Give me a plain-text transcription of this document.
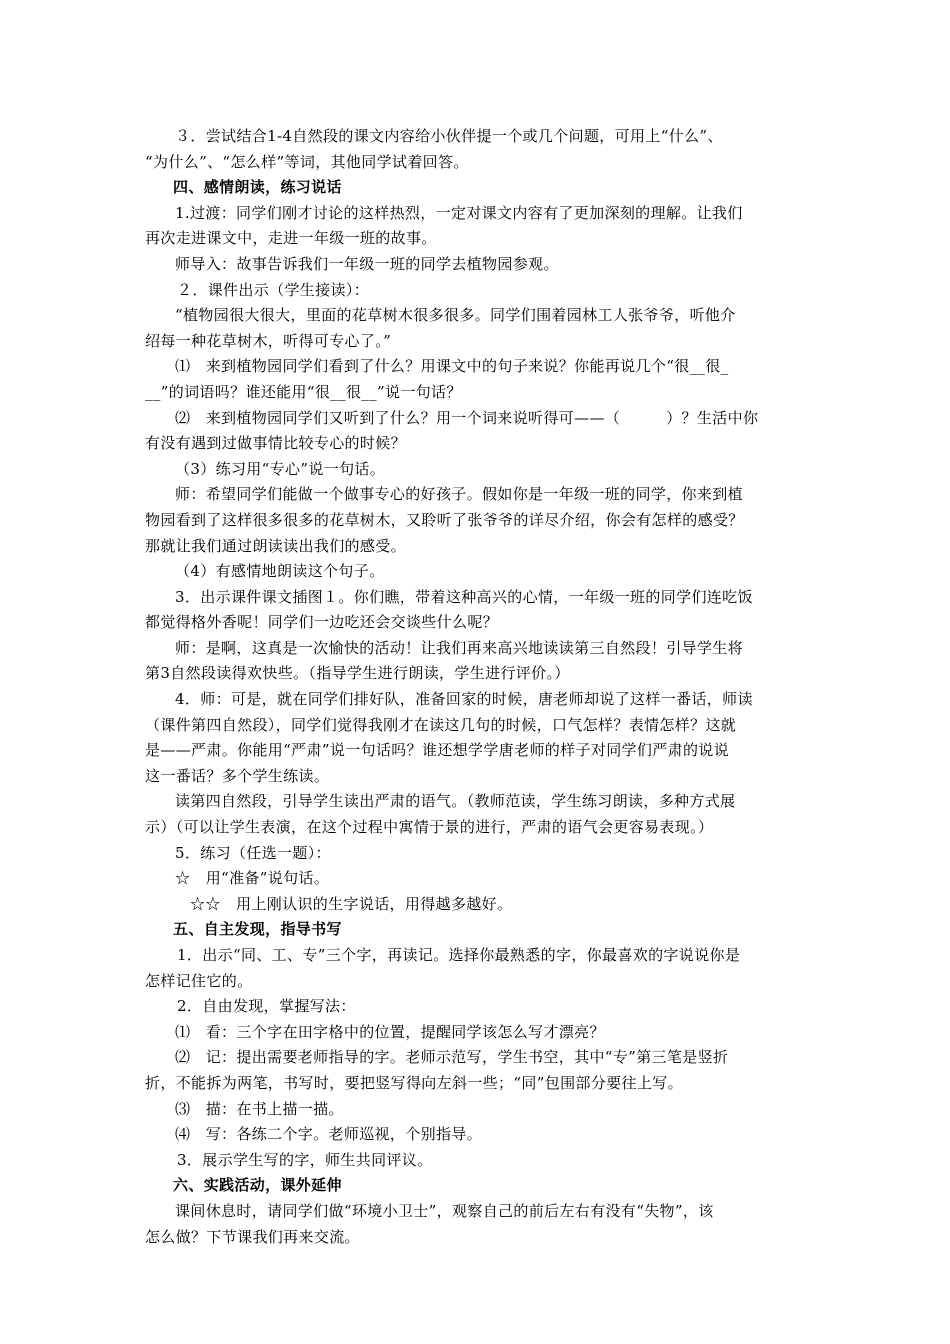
３．尝试结合1-4自然段的课文内容给小伙伴提一个或几个问题，可用上“什么”、
“为什么”、“怎么样”等词，其他同学试着回答。
四、感情朗读，练习说话
1.过渡：同学们刚才讨论的这样热烈，一定对课文内容有了更加深刻的理解。让我们
再次走进课文中，走进一年级一班的故事。
师导入：故事告诉我们一年级一班的同学去植物园参观。
２．课件出示（学生接读）：
“植物园很大很大，里面的花草树木很多很多。同学们围着园林工人张爷爷，听他介
绍每一种花草树木，听得可专心了。”
⑴　来到植物园同学们看到了什么？用课文中的句子来说？你能再说几个“很__很_
__”的词语吗？谁还能用“很__很__”说一句话？
⑵　来到植物园同学们又听到了什么？用一个词来说听得可——（　　　）？生活中你
有没有遇到过做事情比较专心的时候？
（3）练习用“专心”说一句话。
师：希望同学们能做一个做事专心的好孩子。假如你是一年级一班的同学，你来到植
物园看到了这样很多很多的花草树木，又聆听了张爷爷的详尽介绍，你会有怎样的感受？
那就让我们通过朗读读出我们的感受。
（4）有感情地朗读这个句子。
3．出示课件课文插图１。你们瞧，带着这种高兴的心情，一年级一班的同学们连吃饭
都觉得格外香呢！同学们一边吃还会交谈些什么呢？
师：是啊，这真是一次愉快的活动！让我们再来高兴地读读第三自然段！引导学生将
第3自然段读得欢快些。（指导学生进行朗读，学生进行评价。）
4．师：可是，就在同学们排好队，准备回家的时候，唐老师却说了这样一番话，师读
（课件第四自然段），同学们觉得我刚才在读这几句的时候，口气怎样？表情怎样？这就
是——严肃。你能用“严肃”说一句话吗？谁还想学学唐老师的样子对同学们严肃的说说
这一番话？多个学生练读。
读第四自然段，引导学生读出严肃的语气。（教师范读，学生练习朗读，多种方式展
示）（可以让学生表演，在这个过程中寓情于景的进行，严肃的语气会更容易表现。）
5．练习（任选一题）：
☆　用“准备”说句话。
☆☆　用上刚认识的生字说话，用得越多越好。
五、自主发现，指导书写
1．出示“同、工、专”三个字，再读记。选择你最熟悉的字，你最喜欢的字说说你是
怎样记住它的。
2．自由发现，掌握写法：
⑴　看：三个字在田字格中的位置，提醒同学该怎么写才漂亮？
⑵　记：提出需要老师指导的字。老师示范写，学生书空，其中“专”第三笔是竖折
折，不能拆为两笔，书写时，要把竖写得向左斜一些；“同”包围部分要往上写。
⑶　描：在书上描一描。
⑷　写：各练二个字。老师巡视，个别指导。
3．展示学生写的字，师生共同评议。
六、实践活动，课外延伸
课间休息时，请同学们做“环境小卫士”，观察自己的前后左右有没有“失物”，该
怎么做？下节课我们再来交流。
